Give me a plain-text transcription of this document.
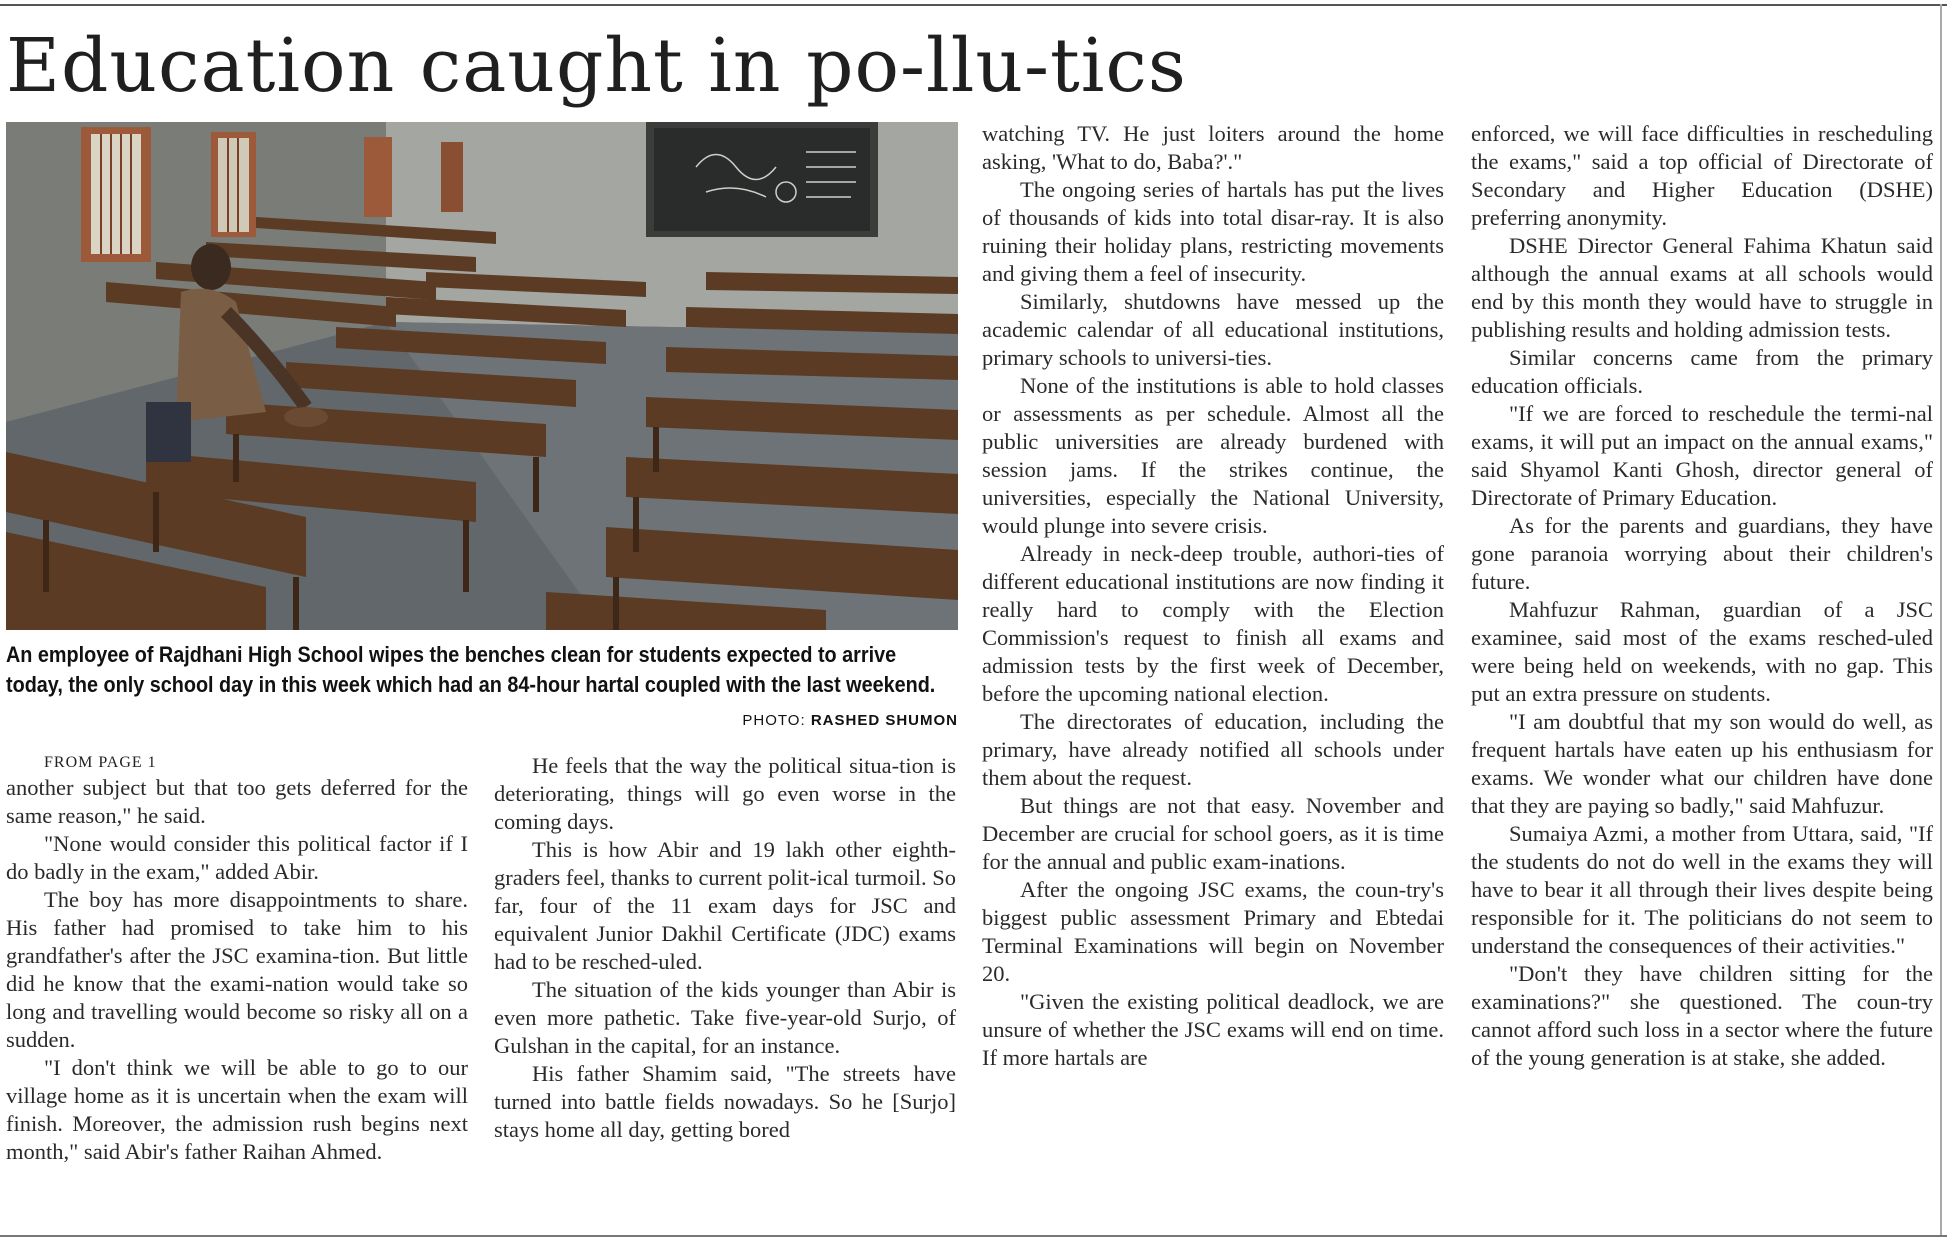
Education caught in po-llu-tics

An employee of Rajdhani High School wipes the benches clean for students expected to arrive today, the only school day in this week which had an 84-hour hartal coupled with the last weekend.

PHOTO: RASHED SHUMON

FROM PAGE 1

another subject but that too gets deferred for the same reason," he said.

"None would consider this political factor if I do badly in the exam," added Abir.

The boy has more disappointments to share. His father had promised to take him to his grandfather's after the JSC examina-tion. But little did he know that the exami-nation would take so long and travelling would become so risky all on a sudden.

"I don't think we will be able to go to our village home as it is uncertain when the exam will finish. Moreover, the admission rush begins next month," said Abir's father Raihan Ahmed.

He feels that the way the political situa-tion is deteriorating, things will go even worse in the coming days.

This is how Abir and 19 lakh other eighth-graders feel, thanks to current polit-ical turmoil. So far, four of the 11 exam days for JSC and equivalent Junior Dakhil Certificate (JDC) exams had to be resched-uled.

The situation of the kids younger than Abir is even more pathetic. Take five-year-old Surjo, of Gulshan in the capital, for an instance.

His father Shamim said, "The streets have turned into battle fields nowadays. So he [Surjo] stays home all day, getting bored

watching TV. He just loiters around the home asking, 'What to do, Baba?'."

The ongoing series of hartals has put the lives of thousands of kids into total disar-ray. It is also ruining their holiday plans, restricting movements and giving them a feel of insecurity.

Similarly, shutdowns have messed up the academic calendar of all educational institutions, primary schools to universi-ties.

None of the institutions is able to hold classes or assessments as per schedule. Almost all the public universities are already burdened with session jams. If the strikes continue, the universities, especially the National University, would plunge into severe crisis.

Already in neck-deep trouble, authori-ties of different educational institutions are now finding it really hard to comply with the Election Commission's request to finish all exams and admission tests by the first week of December, before the upcoming national election.

The directorates of education, including the primary, have already notified all schools under them about the request.

But things are not that easy. November and December are crucial for school goers, as it is time for the annual and public exam-inations.

After the ongoing JSC exams, the coun-try's biggest public assessment Primary and Ebtedai Terminal Examinations will begin on November 20.

"Given the existing political deadlock, we are unsure of whether the JSC exams will end on time. If more hartals are

enforced, we will face difficulties in rescheduling the exams," said a top official of Directorate of Secondary and Higher Education (DSHE) preferring anonymity.

DSHE Director General Fahima Khatun said although the annual exams at all schools would end by this month they would have to struggle in publishing results and holding admission tests.

Similar concerns came from the primary education officials.

"If we are forced to reschedule the termi-nal exams, it will put an impact on the annual exams," said Shyamol Kanti Ghosh, director general of Directorate of Primary Education.

As for the parents and guardians, they have gone paranoia worrying about their children's future.

Mahfuzur Rahman, guardian of a JSC examinee, said most of the exams resched-uled were being held on weekends, with no gap. This put an extra pressure on students.

"I am doubtful that my son would do well, as frequent hartals have eaten up his enthusiasm for exams. We wonder what our children have done that they are paying so badly," said Mahfuzur.

Sumaiya Azmi, a mother from Uttara, said, "If the students do not do well in the exams they will have to bear it all through their lives despite being responsible for it. The politicians do not seem to understand the consequences of their activities."

"Don't they have children sitting for the examinations?" she questioned. The coun-try cannot afford such loss in a sector where the future of the young generation is at stake, she added.
